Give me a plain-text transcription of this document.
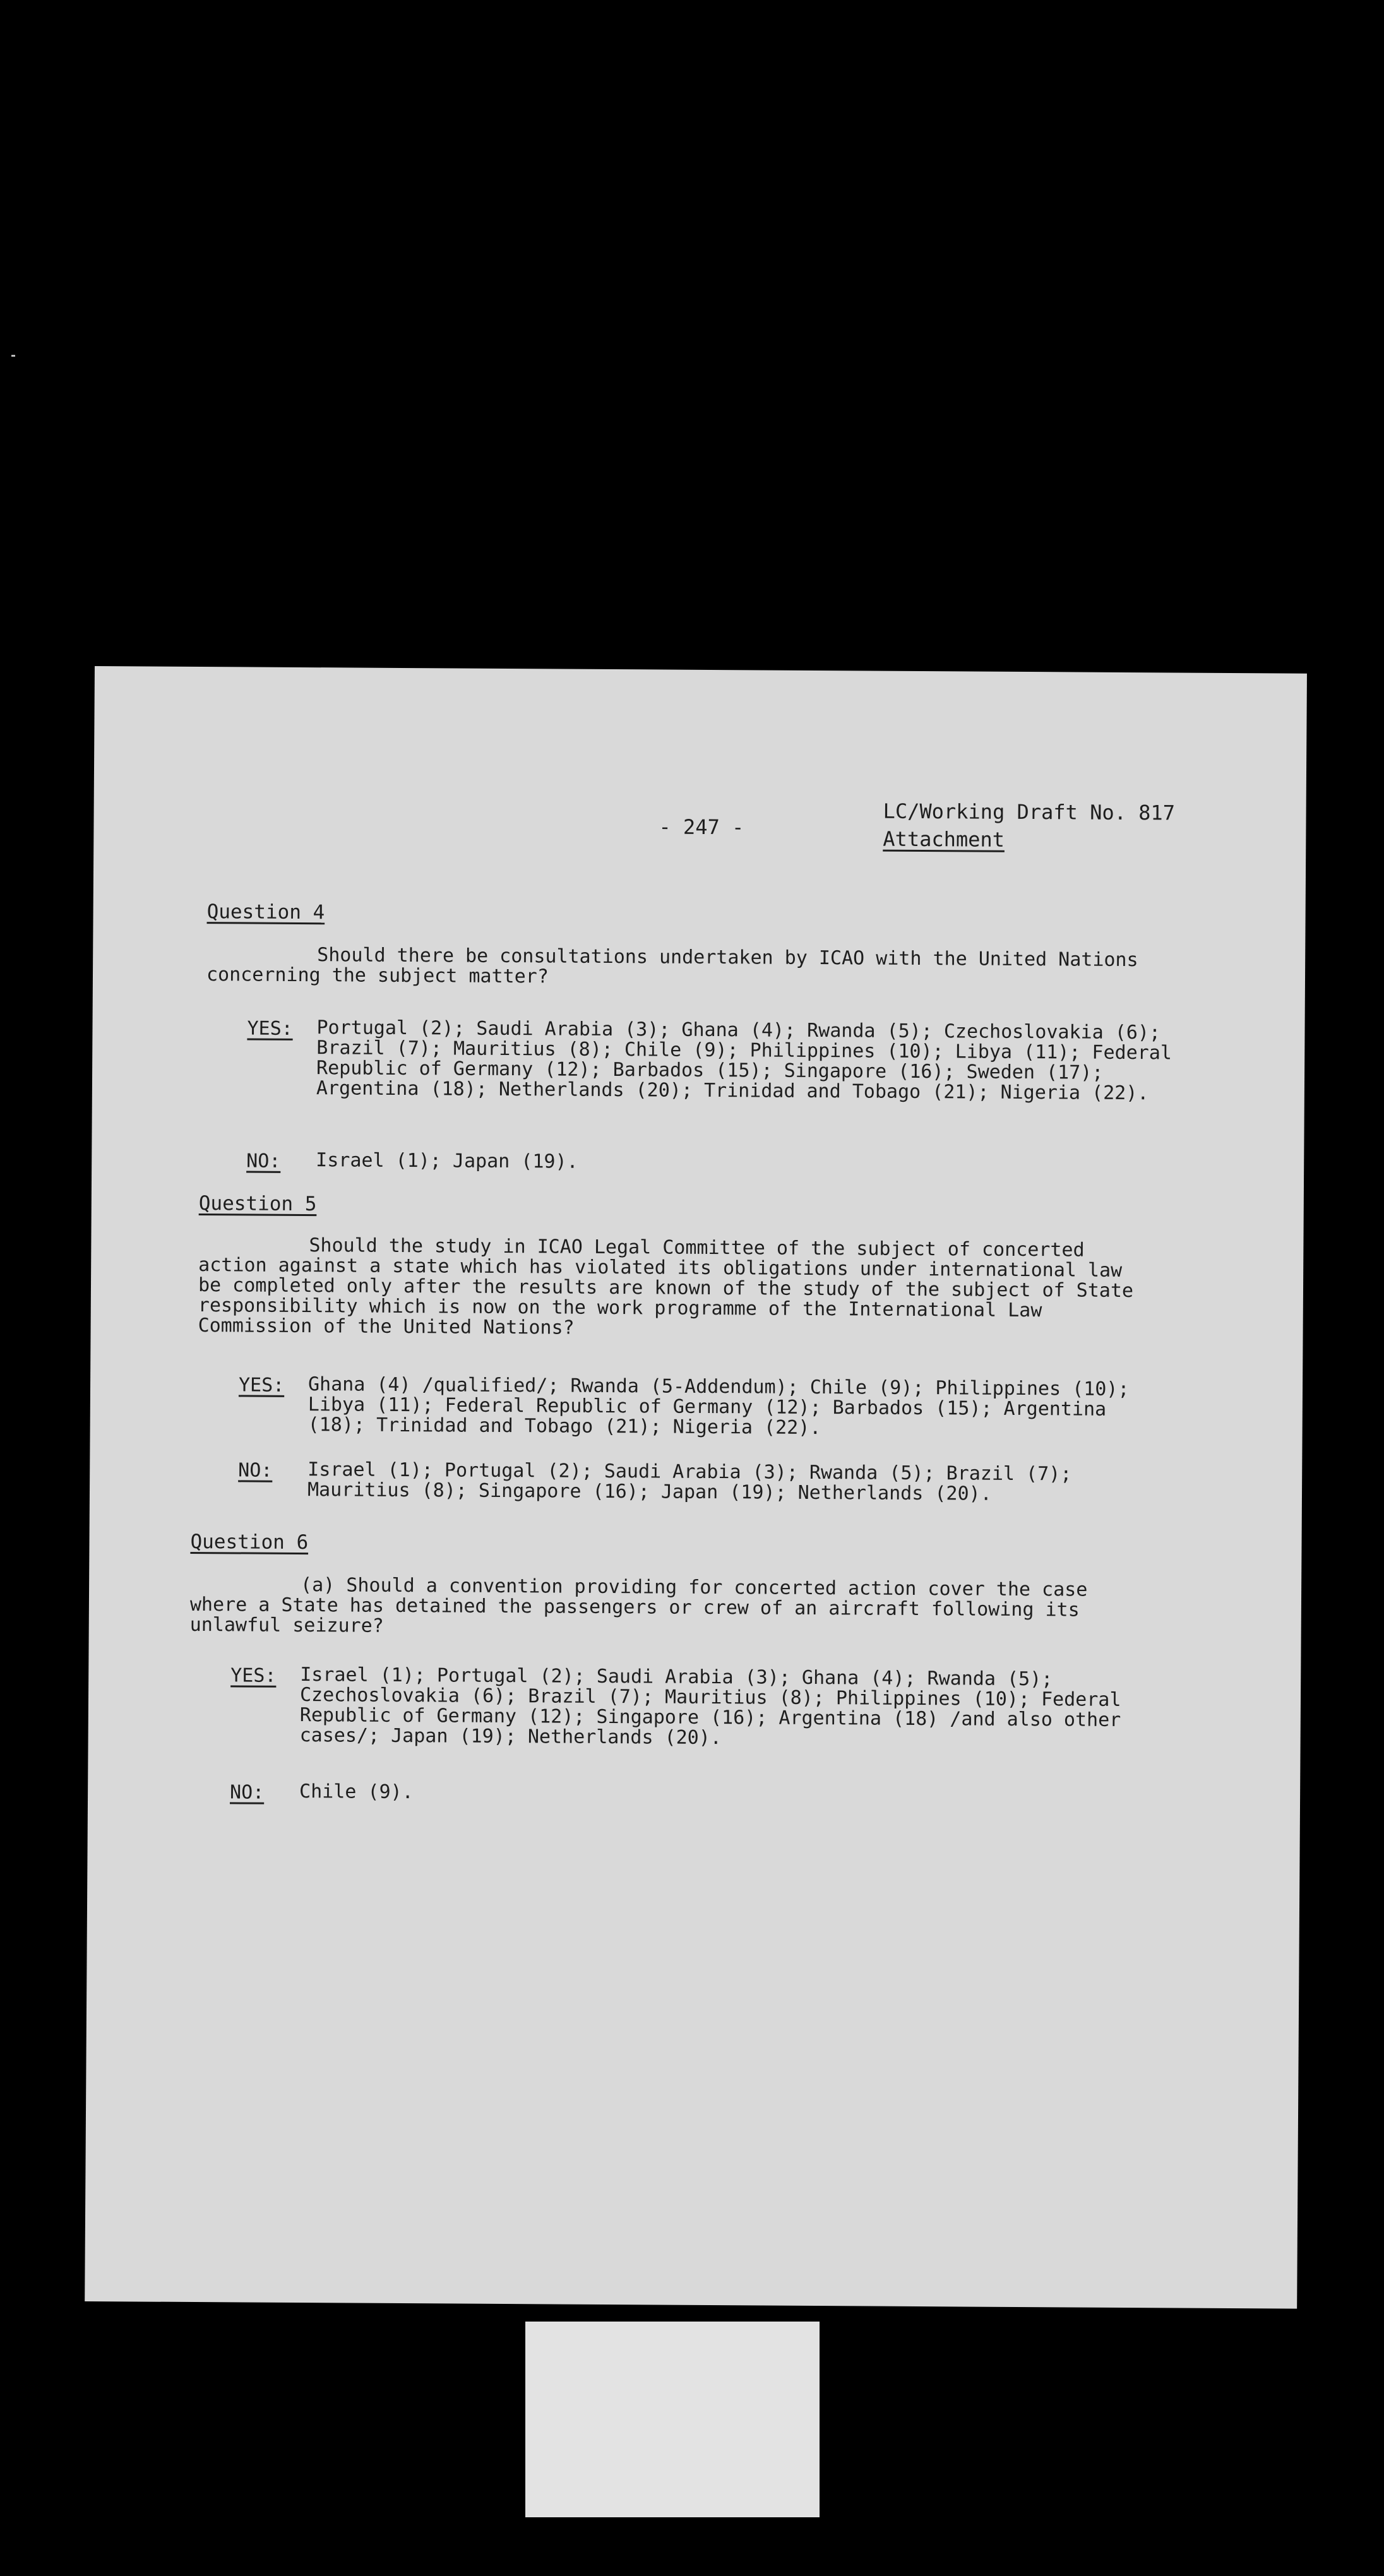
- 247 -
LC/Working Draft No. 817
Attachment
Question 4
Should there be consultations undertaken by ICAO with the United Nations concerning the subject matter?
YES: Portugal (2); Saudi Arabia (3); Ghana (4); Rwanda (5); Czechoslovakia (6); Brazil (7); Mauritius (8); Chile (9); Philippines (10); Libya (11); Federal Republic of Germany (12); Barbados (15); Singapore (16); Sweden (17); Argentina (18); Netherlands (20); Trinidad and Tobago (21); Nigeria (22).
NO: Israel (1); Japan (19).
Question 5
Should the study in ICAO Legal Committee of the subject of concerted action against a state which has violated its obligations under international law be completed only after the results are known of the study of the subject of State responsibility which is now on the work programme of the International Law Commission of the United Nations?
YES: Ghana (4) /qualified/; Rwanda (5-Addendum); Chile (9); Philippines (10); Libya (11); Federal Republic of Germany (12); Barbados (15); Argentina (18); Trinidad and Tobago (21); Nigeria (22).
NO: Israel (1); Portugal (2); Saudi Arabia (3); Rwanda (5); Brazil (7); Mauritius (8); Singapore (16); Japan (19); Netherlands (20).
Question 6
(a) Should a convention providing for concerted action cover the case where a State has detained the passengers or crew of an aircraft following its unlawful seizure?
YES: Israel (1); Portugal (2); Saudi Arabia (3); Ghana (4); Rwanda (5); Czechoslovakia (6); Brazil (7); Mauritius (8); Philippines (10); Federal Republic of Germany (12); Singapore (16); Argentina (18) /and also other cases/; Japan (19); Netherlands (20).
NO: Chile (9).
